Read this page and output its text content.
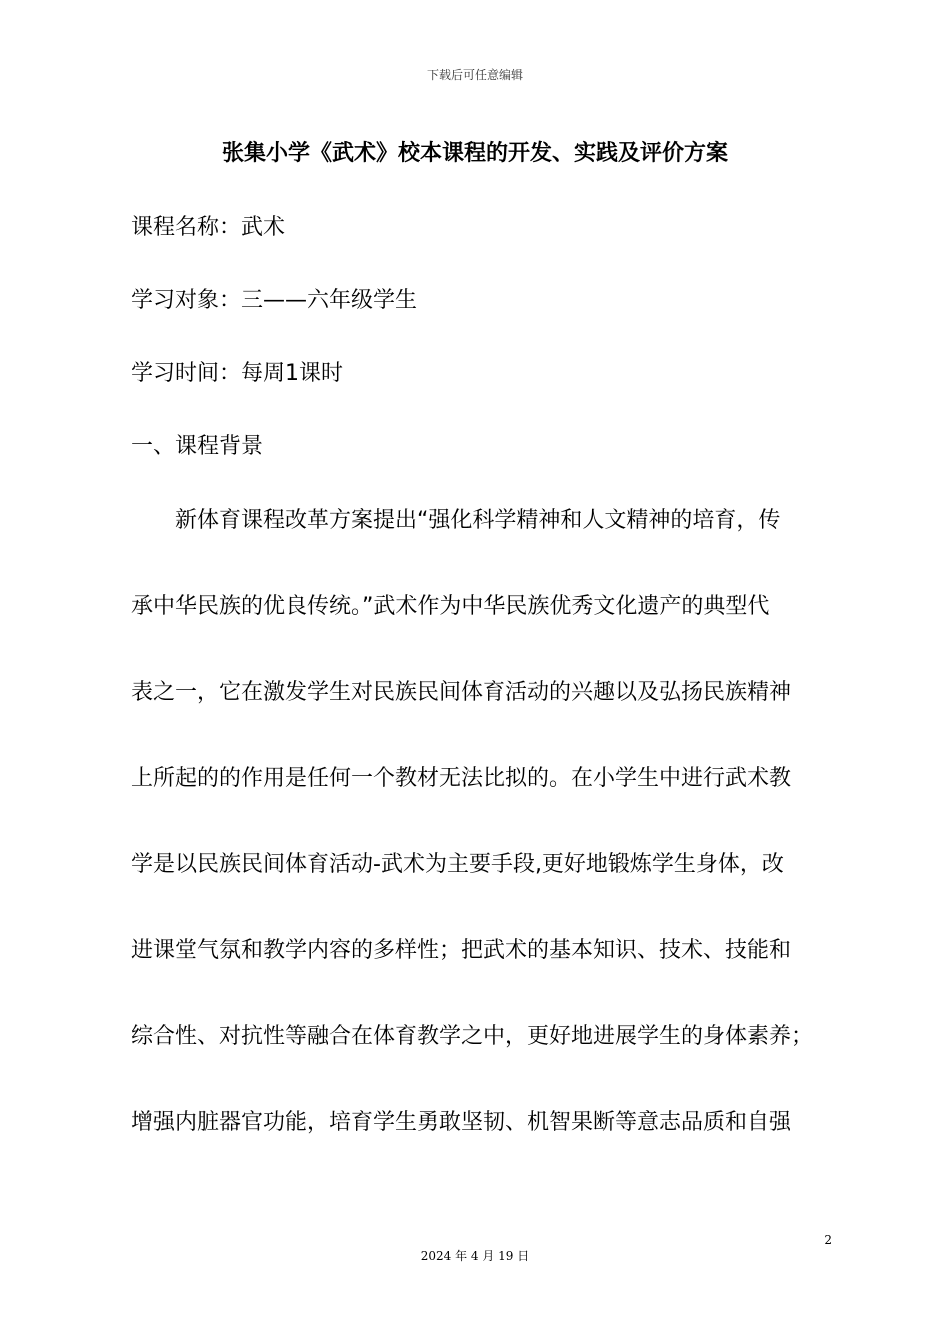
下载后可任意编辑
张集小学《武术》校本课程的开发、实践及评价方案
课程名称：武术
学习对象：三——六年级学生
学习时间：每周1课时
一、课程背景
　　新体育课程改革方案提出“强化科学精神和人文精神的培育，传
承中华民族的优良传统。”武术作为中华民族优秀文化遗产的典型代
表之一，它在激发学生对民族民间体育活动的兴趣以及弘扬民族精神
上所起的的作用是任何一个教材无法比拟的。在小学生中进行武术教
学是以民族民间体育活动-武术为主要手段,更好地锻炼学生身体，改
进课堂气氛和教学内容的多样性；把武术的基本知识、技术、技能和
综合性、对抗性等融合在体育教学之中，更好地进展学生的身体素养；
增强内脏器官功能，培育学生勇敢坚韧、机智果断等意志品质和自强
2
2024 年 4 月 19 日
